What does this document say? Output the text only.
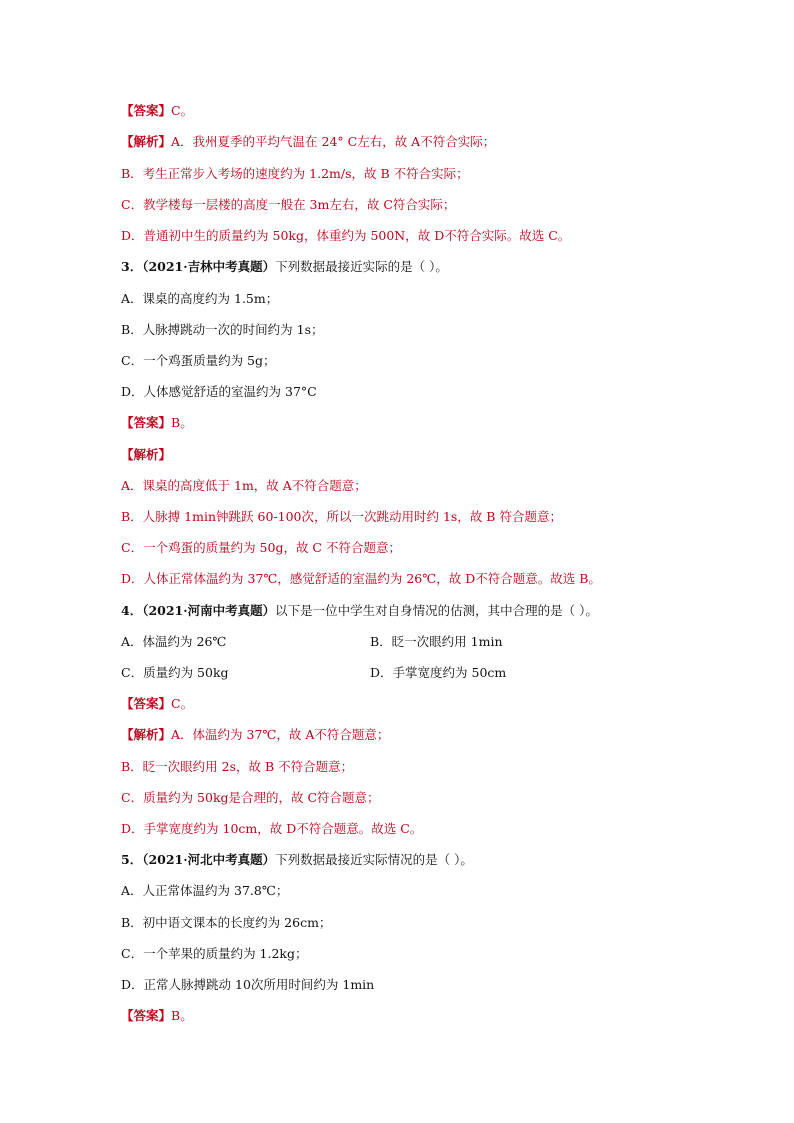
【答案】C。
【解析】A．我州夏季的平均气温在 24° C左右，故 A不符合实际；
B．考生正常步入考场的速度约为 1.2m/s，故 B 不符合实际；
C．教学楼每一层楼的高度一般在 3m左右，故 C符合实际；
D．普通初中生的质量约为 50kg，体重约为 500N，故 D不符合实际。故选 C。
3．（2021·吉林中考真题）下列数据最接近实际的是（ ）。
A．课桌的高度约为 1.5m；
B．人脉搏跳动一次的时间约为 1s；
C．一个鸡蛋质量约为 5g；
D．人体感觉舒适的室温约为 37°C
【答案】B。
【解析】
A．课桌的高度低于 1m，故 A不符合题意；
B．人脉搏 1min钟跳跃 60-100次，所以一次跳动用时约 1s，故 B 符合题意；
C．一个鸡蛋的质量约为 50g，故 C 不符合题意；
D．人体正常体温约为 37℃，感觉舒适的室温约为 26℃，故 D不符合题意。故选 B。
4．（2021·河南中考真题）以下是一位中学生对自身情况的估测，其中合理的是（ ）。
A．体温约为 26℃	B．眨一次眼约用 1min
C．质量约为 50kg	D．手掌宽度约为 50cm
【答案】C。
【解析】A．体温约为 37℃，故 A不符合题意；
B．眨一次眼约用 2s，故 B 不符合题意；
C．质量约为 50kg是合理的，故 C符合题意；
D．手掌宽度约为 10cm，故 D不符合题意。故选 C。
5．（2021·河北中考真题）下列数据最接近实际情况的是（ ）。
A．人正常体温约为 37.8℃；
B．初中语文课本的长度约为 26cm；
C．一个苹果的质量约为 1.2kg；
D．正常人脉搏跳动 10次所用时间约为 1min
【答案】B。
